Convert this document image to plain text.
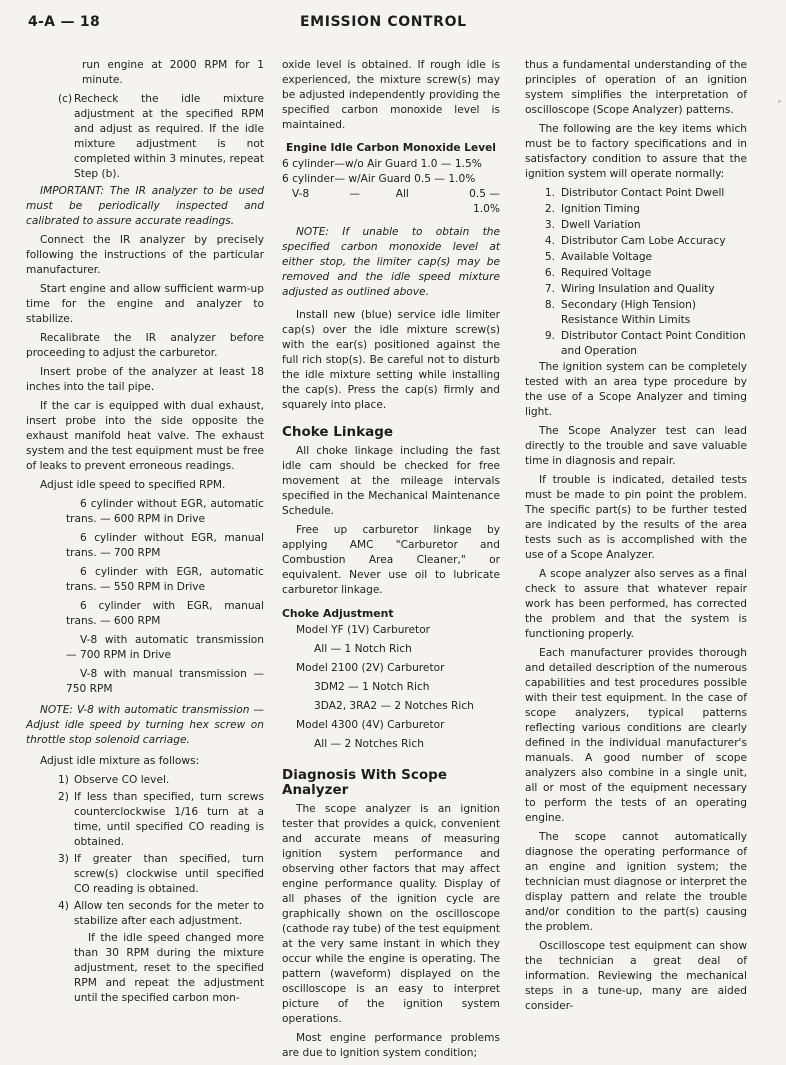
4-A — 18	EMISSION CONTROL

run engine at 2000 RPM for 1 minute.

(c) Recheck the idle mixture adjustment at the specified RPM and adjust as required. If the idle mixture adjustment is not completed within 3 minutes, repeat Step (b).

IMPORTANT: The IR analyzer to be used must be periodically inspected and calibrated to assure accurate readings.

Connect the IR analyzer by precisely following the instructions of the particular manufacturer.

Start engine and allow sufficient warm-up time for the engine and analyzer to stabilize.

Recalibrate the IR analyzer before proceeding to adjust the carburetor.

Insert probe of the analyzer at least 18 inches into the tail pipe.

If the car is equipped with dual exhaust, insert probe into the side opposite the exhaust manifold heat valve. The exhaust system and the test equipment must be free of leaks to prevent erroneous readings.

Adjust idle speed to specified RPM.

6 cylinder without EGR, automatic trans. — 600 RPM in Drive

6 cylinder without EGR, manual trans. — 700 RPM

6 cylinder with EGR, automatic trans. — 550 RPM in Drive

6 cylinder with EGR, manual trans. — 600 RPM

V-8 with automatic transmission — 700 RPM in Drive

V-8 with manual transmission — 750 RPM

NOTE: V-8 with automatic transmission — Adjust idle speed by turning hex screw on throttle stop solenoid carriage.

Adjust idle mixture as follows:

1) Observe CO level.
2) If less than specified, turn screws counterclockwise 1/16 turn at a time, until specified CO reading is obtained.
3) If greater than specified, turn screw(s) clockwise until specified CO reading is obtained.
4) Allow ten seconds for the meter to stabilize after each adjustment.

If the idle speed changed more than 30 RPM during the mixture adjustment, reset to the specified RPM and repeat the adjustment until the specified carbon mon-

oxide level is obtained. If rough idle is experienced, the mixture screw(s) may be adjusted independently providing the specified carbon monoxide level is maintained.

Engine Idle Carbon Monoxide Level
6 cylinder—w/o Air Guard 1.0 — 1.5%
6 cylinder— w/Air Guard 0.5 — 1.0%
V-8	—	All	0.5 — 1.0%

NOTE: If unable to obtain the specified carbon monoxide level at either stop, the limiter cap(s) may be removed and the idle speed mixture adjusted as outlined above.

Install new (blue) service idle limiter cap(s) over the idle mixture screw(s) with the ear(s) positioned against the full rich stop(s). Be careful not to disturb the idle mixture setting while installing the cap(s). Press the cap(s) firmly and squarely into place.

Choke Linkage

All choke linkage including the fast idle cam should be checked for free movement at the mileage intervals specified in the Mechanical Maintenance Schedule.

Free up carburetor linkage by applying AMC "Carburetor and Combustion Area Cleaner," or equivalent. Never use oil to lubricate carburetor linkage.

Choke Adjustment

Model YF (1V) Carburetor

All — 1 Notch Rich

Model 2100 (2V) Carburetor

3DM2 — 1 Notch Rich

3DA2, 3RA2 — 2 Notches Rich

Model 4300 (4V) Carburetor

All — 2 Notches Rich

Diagnosis With Scope Analyzer

The scope analyzer is an ignition tester that provides a quick, convenient and accurate means of measuring ignition system performance and observing other factors that may affect engine performance quality. Display of all phases of the ignition cycle are graphically shown on the oscilloscope (cathode ray tube) of the test equipment at the very same instant in which they occur while the engine is operating. The pattern (waveform) displayed on the oscilloscope is an easy to interpret picture of the ignition system operations.

Most engine performance problems are due to ignition system condition;

thus a fundamental understanding of the principles of operation of an ignition system simplifies the interpretation of oscilloscope (Scope Analyzer) patterns.

The following are the key items which must be to factory specifications and in satisfactory condition to assure that the ignition system will operate normally:

1. Distributor Contact Point Dwell
2. Ignition Timing
3. Dwell Variation
4. Distributor Cam Lobe Accuracy
5. Available Voltage
6. Required Voltage
7. Wiring Insulation and Quality
8. Secondary (High Tension) Resistance Within Limits
9. Distributor Contact Point Condition and Operation

The ignition system can be completely tested with an area type procedure by the use of a Scope Analyzer and timing light.

The Scope Analyzer test can lead directly to the trouble and save valuable time in diagnosis and repair.

If trouble is indicated, detailed tests must be made to pin point the problem. The specific part(s) to be further tested are indicated by the results of the area tests such as is accomplished with the use of a Scope Analyzer.

A scope analyzer also serves as a final check to assure that whatever repair work has been performed, has corrected the problem and that the system is functioning properly.

Each manufacturer provides thorough and detailed description of the numerous capabilities and test procedures possible with their test equipment. In the case of scope analyzers, typical patterns reflecting various conditions are clearly defined in the individual manufacturer's manuals. A good number of scope analyzers also combine in a single unit, all or most of the equipment necessary to perform the tests of an operating engine.

The scope cannot automatically diagnose the operating performance of an engine and ignition system; the technician must diagnose or interpret the display pattern and relate the trouble and/or condition to the part(s) causing the problem.

Oscilloscope test equipment can show the technician a great deal of information. Reviewing the mechanical steps in a tune-up, many are aided consider-
